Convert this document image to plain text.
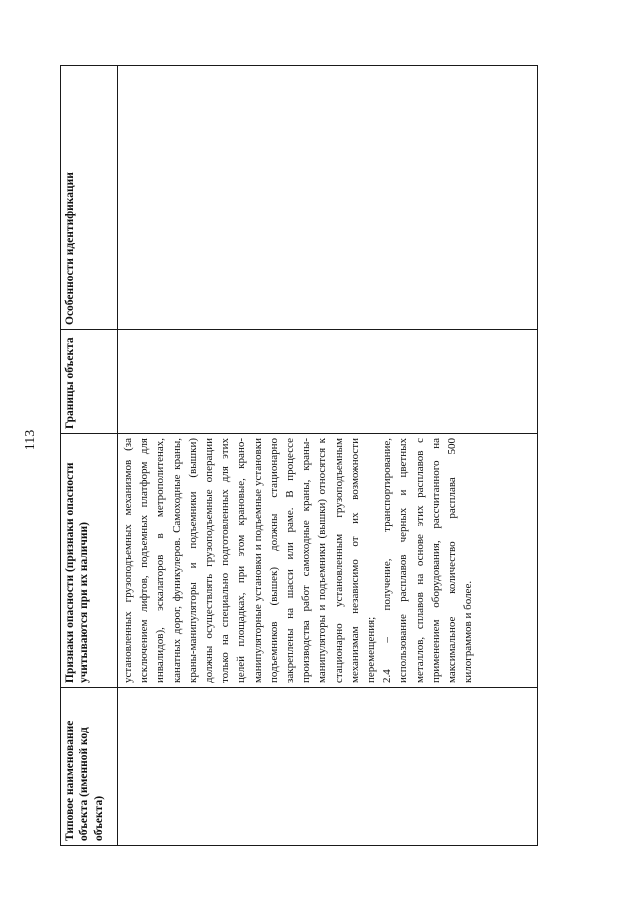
113
Типовое наименование объекта (именной код объекта)	Признаки опасности (признаки опасности учитываются при их наличии)	Границы объекта	Особенности идентификации

	установленных грузоподъемных механизмов (за исключением лифтов, подъемных платформ для инвалидов), эскалаторов в метрополитенах, канатных дорог, фуникулеров. Самоходные краны, краны-манипуляторы и подъемники (вышки) должны осуществлять грузоподъемные операции только на специально подготовленных для этих целей площадках, при этом крановые, крано-манипуляторные установки и подъемные установки подъемников (вышек) должны стационарно закреплены на шасси или раме. В процессе производства работ самоходные краны, краны-манипуляторы и подъемники (вышки) относятся к стационарно установленным грузоподъемным механизмам независимо от их возможности перемещения; 2.4 – получение, транспортирование, использование расплавов черных и цветных металлов, сплавов на основе этих расплавов с применением оборудования, рассчитанного на максимальное количество расплава 500 килограммов и более.		
